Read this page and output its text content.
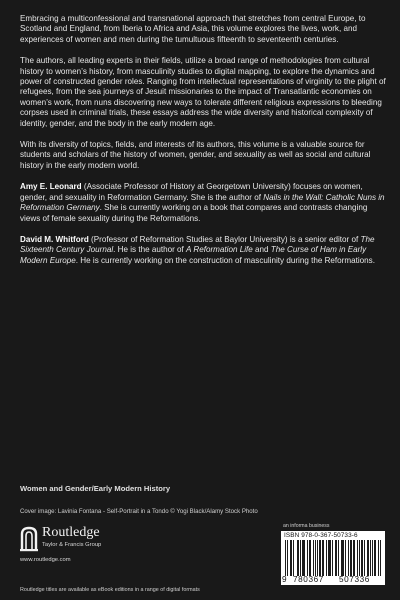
Embracing a multiconfessional and transnational approach that stretches from central Europe, to Scotland and England, from Iberia to Africa and Asia, this volume explores the lives, work, and experiences of women and men during the tumultuous fifteenth to seventeenth centuries.

The authors, all leading experts in their fields, utilize a broad range of methodologies from cultural history to women’s history, from masculinity studies to digital mapping, to explore the dynamics and power of constructed gender roles. Ranging from intellectual representations of virginity to the plight of refugees, from the sea journeys of Jesuit missionaries to the impact of Transatlantic economies on women’s work, from nuns discovering new ways to tolerate different religious expressions to bleeding corpses used in criminal trials, these essays address the wide diversity and historical complexity of identity, gender, and the body in the early modern age.

With its diversity of topics, fields, and interests of its authors, this volume is a valuable source for students and scholars of the history of women, gender, and sexuality as well as social and cultural history in the early modern world.

Amy E. Leonard (Associate Professor of History at Georgetown University) focuses on women, gender, and sexuality in Reformation Germany. She is the author of Nails in the Wall: Catholic Nuns in Reformation Germany. She is currently working on a book that compares and contrasts changing views of female sexuality during the Reformations.

David M. Whitford (Professor of Reformation Studies at Baylor University) is a senior editor of The Sixteenth Century Journal. He is the author of A Reformation Life and The Curse of Ham in Early Modern Europe. He is currently working on the construction of masculinity during the Reformations.

Women and Gender/Early Modern History
Cover image: Lavinia Fontana - Self-Portrait in a Tondo © Yogi Black/Alamy Stock Photo
Routledge
Taylor & Francis Group
www.routledge.com
an informa business
ISBN 978-0-367-50733-6
9 780367 507336
Routledge titles are available as eBook editions in a range of digital formats
